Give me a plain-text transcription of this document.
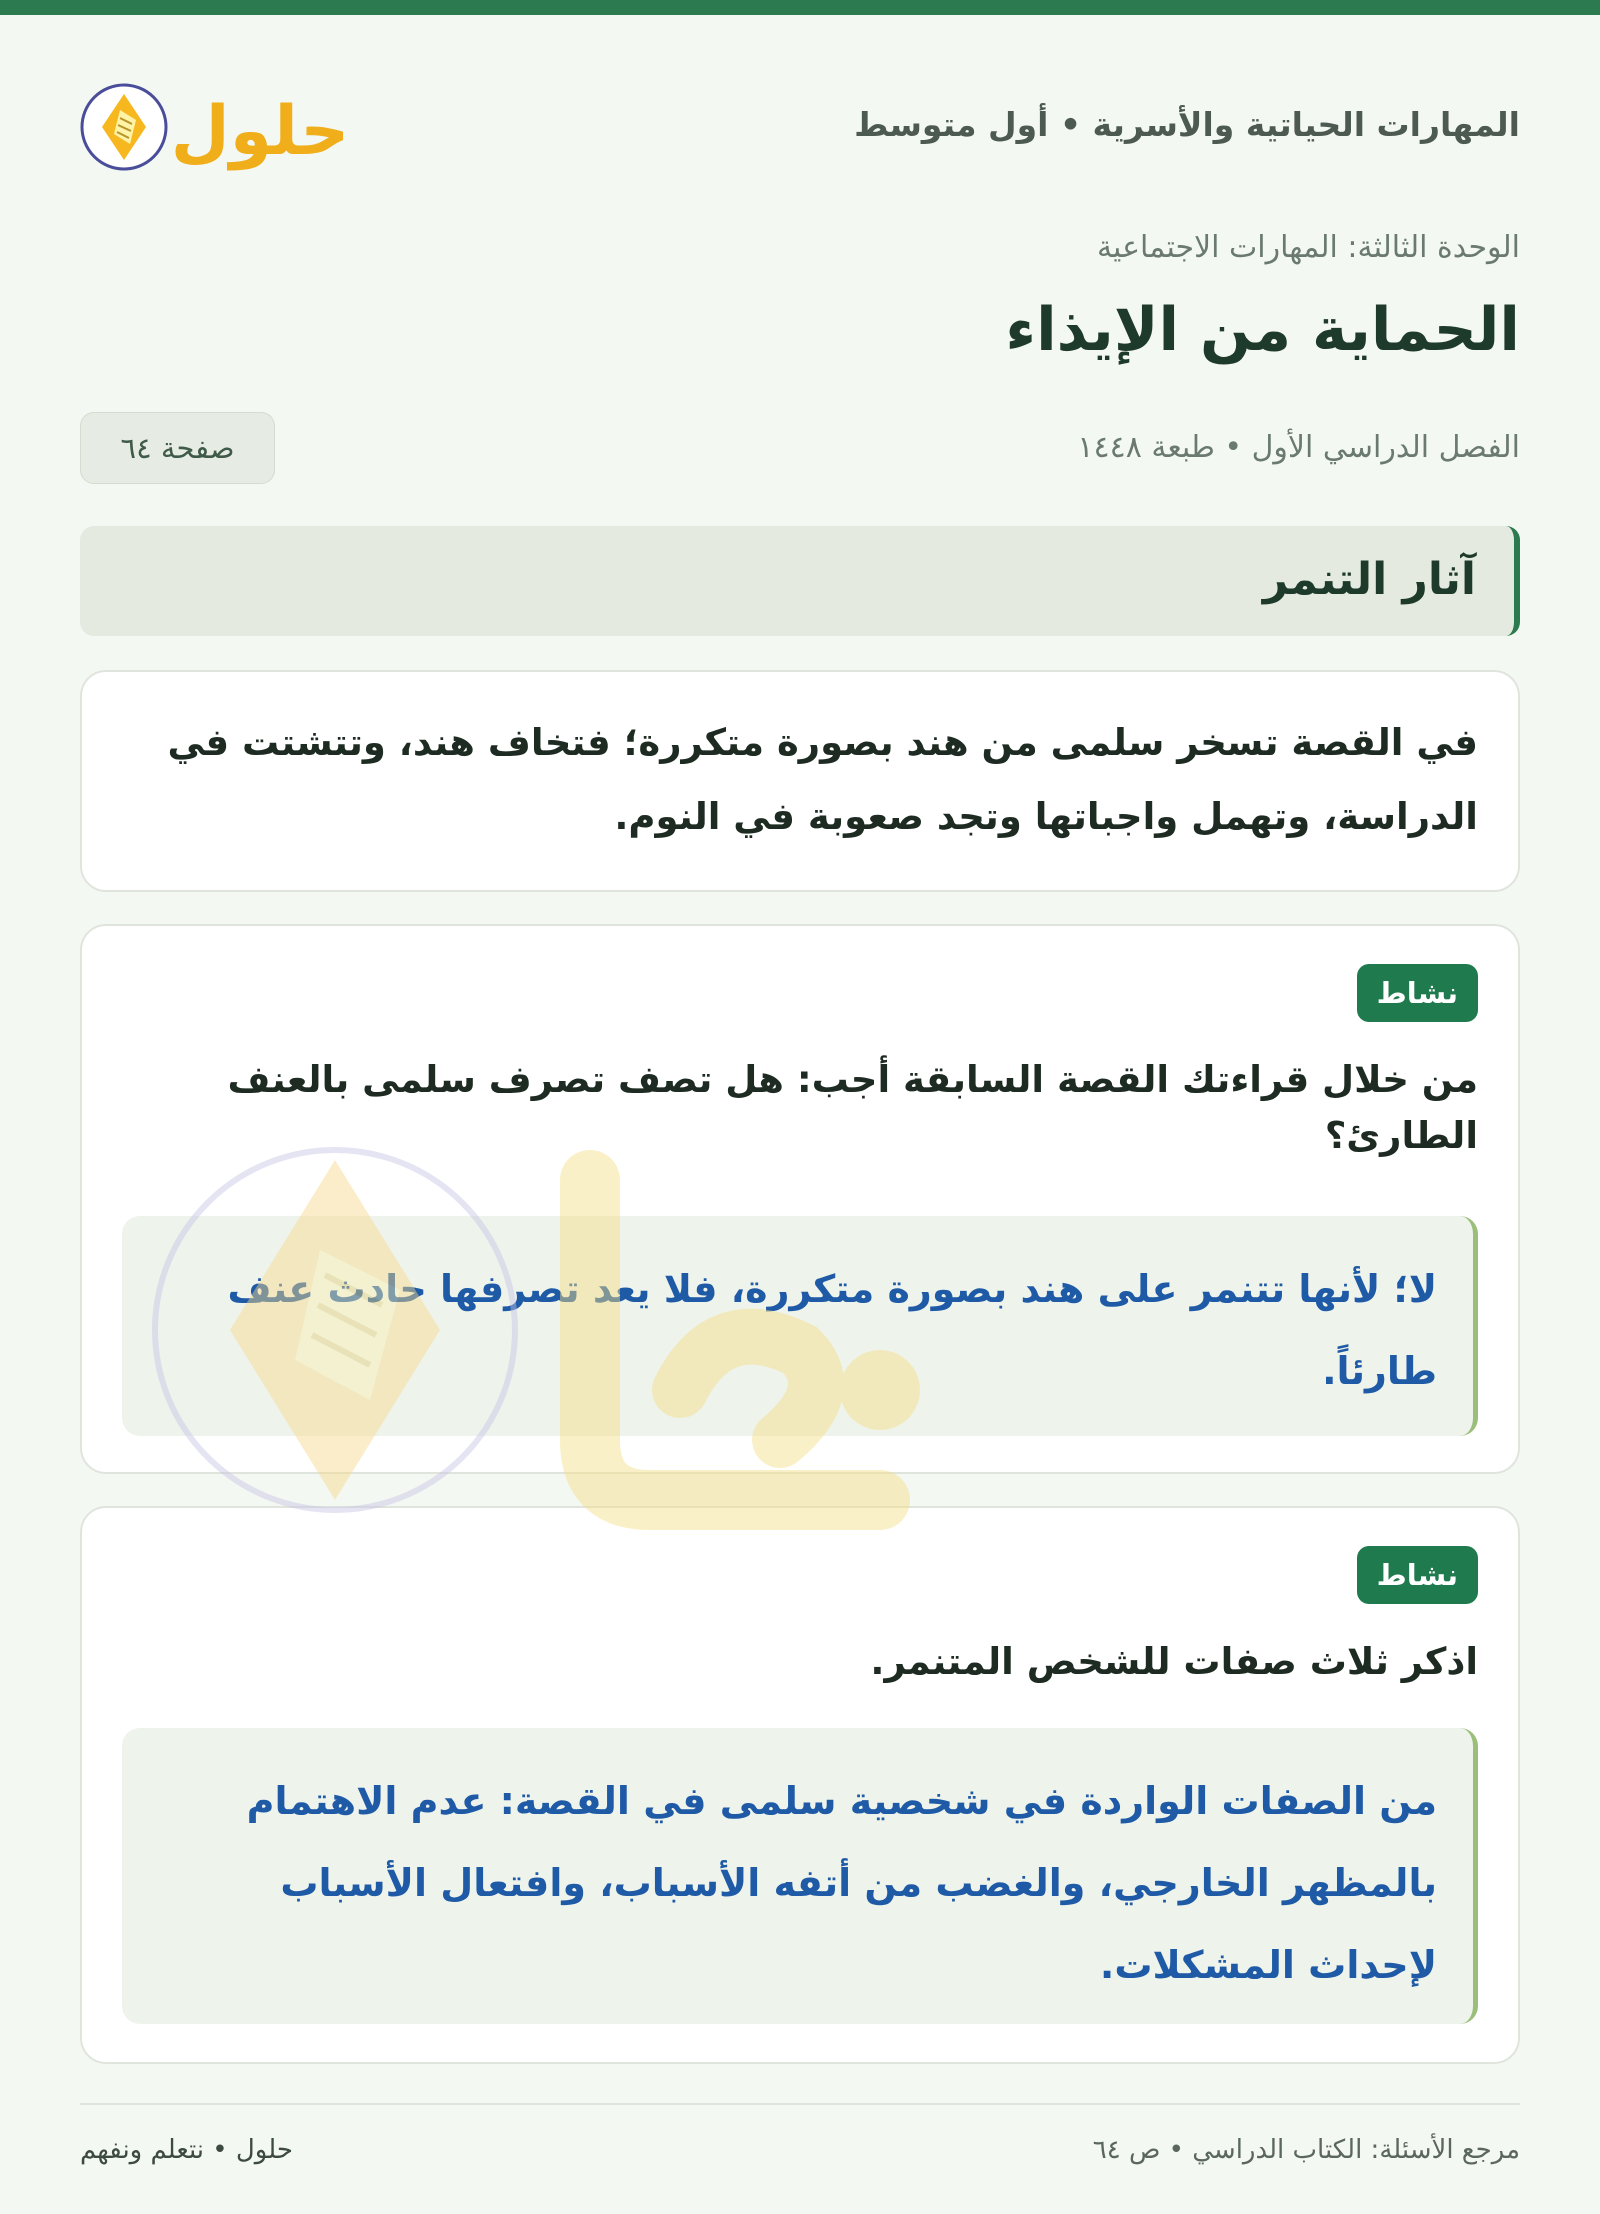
المهارات الحياتية والأسرية • أول متوسط
حلول
الوحدة الثالثة: المهارات الاجتماعية
الحماية من الإيذاء
الفصل الدراسي الأول • طبعة ١٤٤٨
صفحة ٦٤
آثار التنمر
في القصة تسخر سلمى من هند بصورة متكررة؛ فتخاف هند، وتتشتت في الدراسة، وتهمل واجباتها وتجد صعوبة في النوم.
نشاط
من خلال قراءتك القصة السابقة أجب: هل تصف تصرف سلمى بالعنف الطارئ؟
لا؛ لأنها تتنمر على هند بصورة متكررة، فلا يعد تصرفها حادث عنف طارئاً.
نشاط
اذكر ثلاث صفات للشخص المتنمر.
من الصفات الواردة في شخصية سلمى في القصة: عدم الاهتمام بالمظهر الخارجي، والغضب من أتفه الأسباب، وافتعال الأسباب لإحداث المشكلات.
مرجع الأسئلة: الكتاب الدراسي • ص ٦٤
حلول • نتعلم ونفهم
